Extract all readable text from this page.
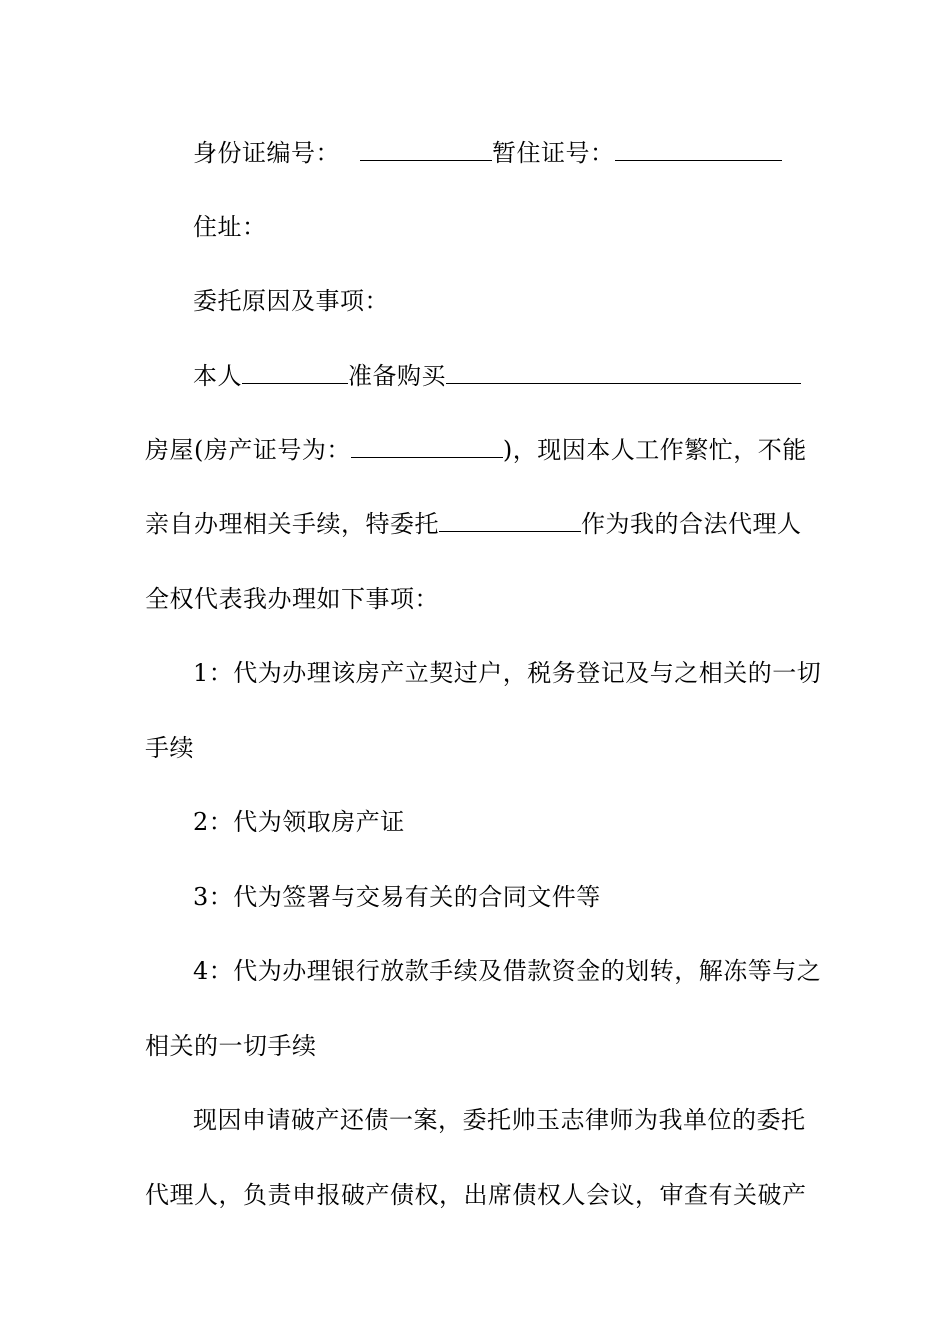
身份证编号：	暂住证号：
住址：
委托原因及事项：
本人	准备购买
房屋(房产证号为：	)，现因本人工作繁忙，不能
亲自办理相关手续，特委托	作为我的合法代理人
全权代表我办理如下事项：
1：代为办理该房产立契过户，税务登记及与之相关的一切
手续
2：代为领取房产证
3：代为签署与交易有关的合同文件等
4：代为办理银行放款手续及借款资金的划转，解冻等与之
相关的一切手续
现因申请破产还债一案，委托帅玉志律师为我单位的委托
代理人，负责申报破产债权，出席债权人会议，审查有关破产
